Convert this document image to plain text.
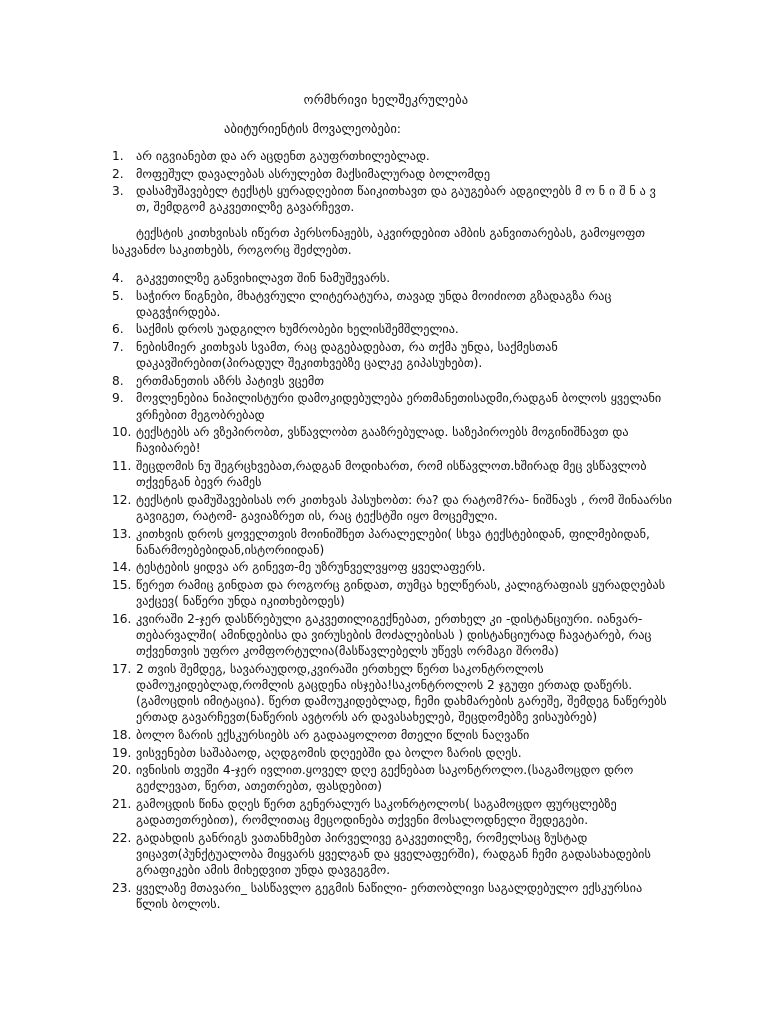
ორმხრივი ხელშეკრულება
აბიტურიენტის მოვალეობები:
1.	არ იგვიანებთ და არ აცდენთ გაუფრთხილებლად.
2.	მოფეშულ დავალებას ასრულებთ მაქსიმალურად ბოლომდე
3.	დასამუშავებელ ტექსტს ყურადღებით წაიკითხავთ და გაუგებარ ადგილებს მ ო ნ ი შ ნ ა ვ თ, შემდგომ გაკვეთილზე გავარჩევთ.
ტექსტის კითხვისას იწერთ პერსონაჟებს, აკვირდებით ამბის განვითარებას, გამოყოფთ საკვანძო საკითხებს, როგორც შეძლებთ.
4.	გაკვეთილზე განვიხილავთ შინ ნამუშევარს.
5.	საჭირო წიგნები, მხატვრული ლიტერატურა, თავად უნდა მოიძიოთ გზადაგზა რაც დაგვჭირდება.
6.	საქმის დროს უადგილო ხუმრობები ხელისშემშლელია.
7.	ნებისმიერ კითხვას სვამთ, რაც დაგებადებათ, რა თქმა უნდა, საქმესთან დაკავშირებით(პირადულ შეკითხვებზე ცალკე გიპასუხებთ).
8.	ერთმანეთის აზრს პატივს ვცემთ
9.	მოვლენებია ნიპილისტური დამოკიდებულება ერთმანეთისადმი,რადგან ბოლოს ყველანი ვრჩებით მეგობრებად
10. ტექსტებს არ ვზეპირობთ, ვსწავლობთ გააზრებულად. საზეპიროებს მოგინიშნავთ და ჩავიბარებ!
11. შეცდომის ნუ შეგრცხვებათ,რადგან მოდიხართ, რომ ისწავლოთ.ხშირად მეც ვსწავლობ თქვენგან ბევრ რამეს
12. ტექსტის დამუშავებისას ორ კითხვას პასუხობთ: რა? და რატომ?რა- ნიშნავს , რომ შინაარსი გავიგეთ, რატომ- გავიაზრეთ ის, რაც ტექსტში იყო მოცემული.
13. კითხვის დროს ყოველთვის მოინიშნეთ პარალელები( სხვა ტექსტებიდან, ფილმებიდან, ნანარმოებებიდან,ისტორიიდან)
14. ტესტების ყიდვა არ გინევთ-მე უზრუნველვყოფ ყველაფერს.
15. წერეთ რამიც გინდათ და როგორც გინდათ, თუმცა ხელწერას, კალიგრაფიას ყურადღებას ვაქცევ( ნაწერი უნდა იკითხებოდეს)
16. კვირაში 2-ჯერ დასწრებული გაკვეთილიგექნებათ, ერთხელ კი -დისტანციური. იანვარ-თებარვალში( ამინდებისა და ვირუსების მოძალებისას ) დისტანციურად ჩავატარებ, რაც თქვენთვის უფრო კომფორტულია(მასწავლებელს უწევს ორმაგი შრომა)
17. 2 თვის შემდეგ, სავარაუდოდ,კვირაში ერთხელ წერთ საკონტროლოს დამოუკიდებლად,რომლის გაცდენა ისჯება!საკონტროლოს 2 ჯგუფი ერთად დაწერს.(გამოცდის იმიტაცია). წერთ დამოუკიდებლად, ჩემი დახმარების გარეშე, შემდეგ ნაწერებს ერთად გავარჩევთ(ნაწერის ავტორს არ დავასახელებ, შეცდომებზე ვისაუბრებ)
18. ბოლო ზარის ექსკურსიებს არ გადააყოლოთ მთელი წლის ნაღვაწი
19. ვისვენებთ საშაბაოდ, აღდგომის დღეებში და ბოლო ზარის დღეს.
20. ივნისის თვეში 4-ჯერ ივლით.ყოველ დღე გექნებათ საკონტროლო.(საგამოცდო დრო გეძლევათ, წერთ, ათეთრებთ, ფასდებით)
21. გამოცდის წინა დღეს წერთ გენერალურ საკონრტოლოს( საგამოცდო ფურცლებზე გადათეთრებით), რომლითაც მეცოდინება თქვენი მოსალოდნელი შედეგები.
22. გადახდის განრიგს ვათანხმებთ პირველივე გაკვეთილზე, რომელსაც ზუსტად ვიცავთ(პუნქტუალობა მიყვარს ყველგან და ყველაფერში), რადგან ჩემი გადასახადების გრაფიკები ამის მიხედვით უნდა დავგეგმო.
23. ყველაზე მთავარი_ სასწავლო გეგმის ნაწილი- ერთობლივი საგალდებულო ექსკურსია წლის ბოლოს.
